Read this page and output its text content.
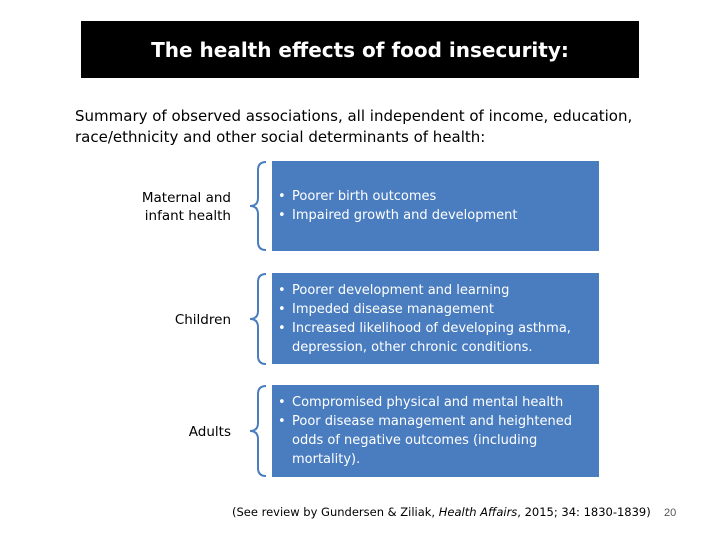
The health effects of food insecurity:
Summary of observed associations, all independent of income, education, race/ethnicity and other social determinants of health:
Maternal and
infant health
• Poorer birth outcomes
• Impaired growth and development
Children
• Poorer development and learning
• Impeded disease management
• Increased likelihood of developing asthma, depression, other chronic conditions.
Adults
• Compromised physical and mental health
• Poor disease management and heightened odds of negative outcomes (including mortality).
(See review by Gundersen & Ziliak, Health Affairs, 2015; 34: 1830-1839) 20
